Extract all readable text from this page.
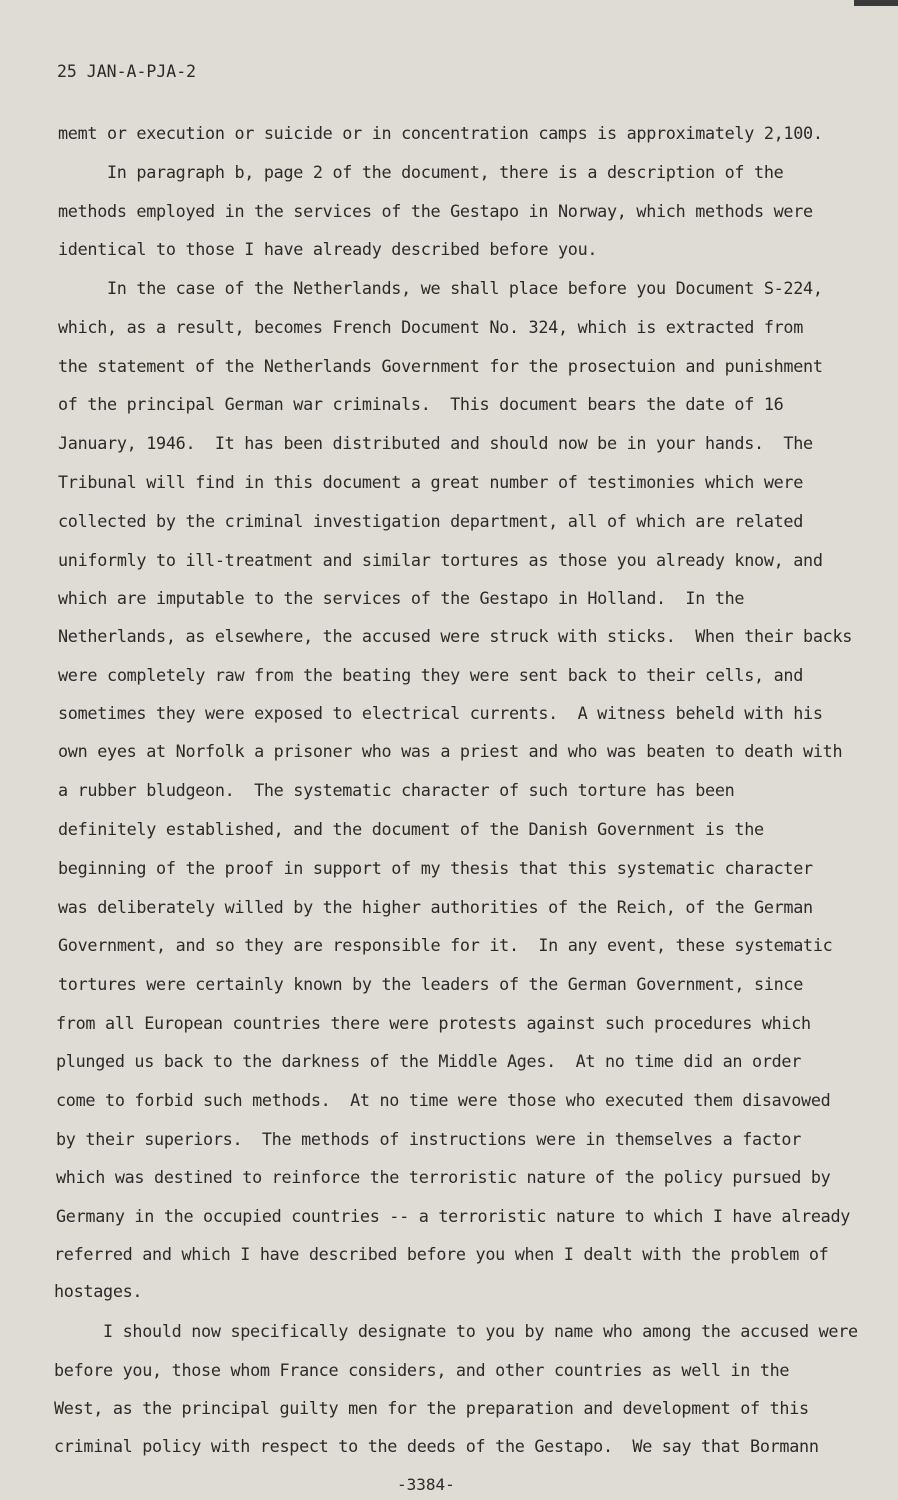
25 JAN-A-PJA-2
memt or execution or suicide or in concentration camps is approximately 2,100.
In paragraph b, page 2 of the document, there is a description of the
methods employed in the services of the Gestapo in Norway, which methods were
identical to those I have already described before you.
In the case of the Netherlands, we shall place before you Document S-224,
which, as a result, becomes French Document No. 324, which is extracted from
the statement of the Netherlands Government for the prosectuion and punishment
of the principal German war criminals.  This document bears the date of 16
January, 1946.  It has been distributed and should now be in your hands.  The
Tribunal will find in this document a great number of testimonies which were
collected by the criminal investigation department, all of which are related
uniformly to ill-treatment and similar tortures as those you already know, and
which are imputable to the services of the Gestapo in Holland.  In the
Netherlands, as elsewhere, the accused were struck with sticks.  When their backs
were completely raw from the beating they were sent back to their cells, and
sometimes they were exposed to electrical currents.  A witness beheld with his
own eyes at Norfolk a prisoner who was a priest and who was beaten to death with
a rubber bludgeon.  The systematic character of such torture has been
definitely established, and the document of the Danish Government is the
beginning of the proof in support of my thesis that this systematic character
was deliberately willed by the higher authorities of the Reich, of the German
Government, and so they are responsible for it.  In any event, these systematic
tortures were certainly known by the leaders of the German Government, since
from all European countries there were protests against such procedures which
plunged us back to the darkness of the Middle Ages.  At no time did an order
come to forbid such methods.  At no time were those who executed them disavowed
by their superiors.  The methods of instructions were in themselves a factor
which was destined to reinforce the terroristic nature of the policy pursued by
Germany in the occupied countries -- a terroristic nature to which I have already
referred and which I have described before you when I dealt with the problem of
hostages.
I should now specifically designate to you by name who among the accused were
before you, those whom France considers, and other countries as well in the
West, as the principal guilty men for the preparation and development of this
criminal policy with respect to the deeds of the Gestapo.  We say that Bormann
-3384-
